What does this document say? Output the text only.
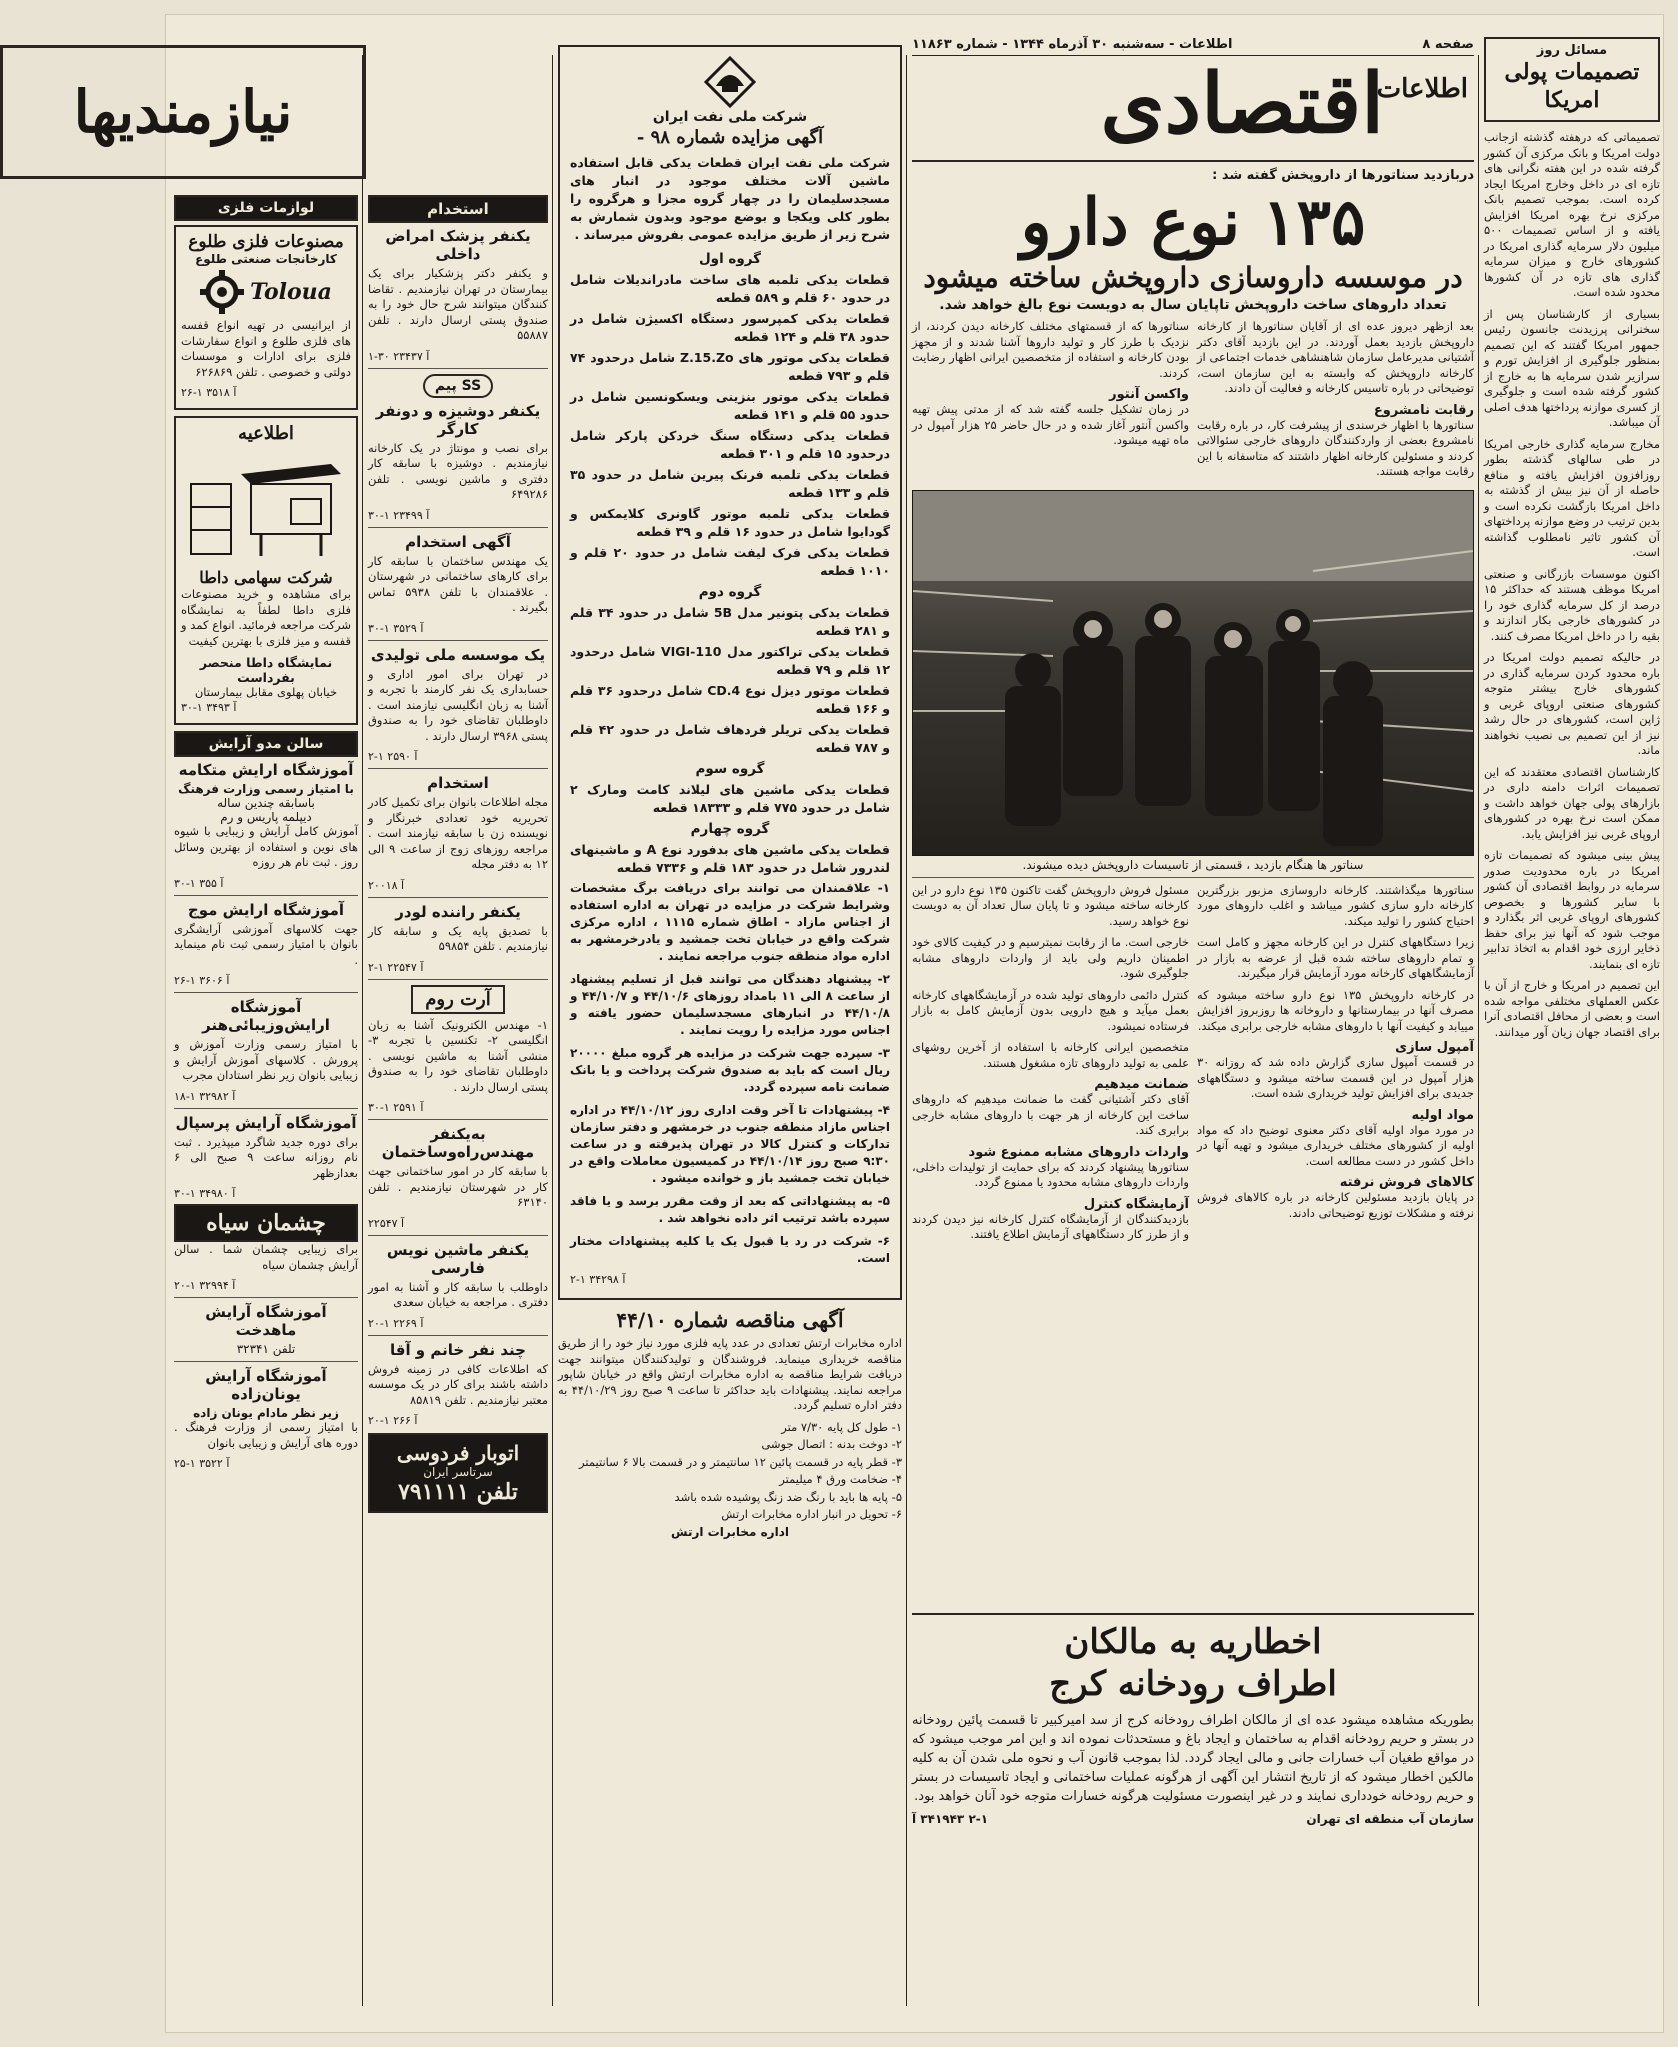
مسائل روز
تصمیمات پولی امریکا

تصمیماتی که درهفته گذشته ازجانب دولت امریکا و بانک مرکزی آن کشور گرفته شده در این هفته نگرانی های تازه ای در داخل وخارج امریکا ایجاد کرده است. بموجب تصمیم بانک مرکزی نرخ بهره امریکا افزایش یافته و از اساس تصمیمات ۵۰۰ میلیون دلار سرمایه گذاری امریکا در کشورهای خارج و میزان سرمایه گذاری های تازه در آن کشورها محدود شده است.

بسیاری از کارشناسان پس از سخنرانی پرزیدنت جانسون رئیس جمهور امریکا گفتند که این تصمیم بمنظور جلوگیری از افزایش تورم و سرازیر شدن سرمایه ها به خارج از کشور گرفته شده است و جلوگیری از کسری موازنه پرداختها هدف اصلی آن میباشد.

مخارج سرمایه گذاری خارجی امریکا در طی سالهای گذشته بطور روزافزون افزایش یافته و منافع حاصله از آن نیز بیش از گذشته به داخل امریکا بازگشت نکرده است و بدین ترتیب در وضع موازنه پرداختهای آن کشور تاثیر نامطلوب گذاشته است.

اکنون موسسات بازرگانی و صنعتی امریکا موظف هستند که حداکثر ۱۵ درصد از کل سرمایه گذاری خود را در کشورهای خارجی بکار اندازند و بقیه را در داخل امریکا مصرف کنند.

در حالیکه تصمیم دولت امریکا در باره محدود کردن سرمایه گذاری در کشورهای خارج بیشتر متوجه کشورهای صنعتی اروپای غربی و ژاپن است، کشورهای در حال رشد نیز از این تصمیم بی نصیب نخواهند ماند.

کارشناسان اقتصادی معتقدند که این تصمیمات اثرات دامنه داری در بازارهای پولی جهان خواهد داشت و ممکن است نرخ بهره در کشورهای اروپای غربی نیز افزایش یابد.

پیش بینی میشود که تصمیمات تازه امریکا در باره محدودیت صدور سرمایه در روابط اقتصادی آن کشور با سایر کشورها و بخصوص کشورهای اروپای غربی اثر بگذارد و موجب شود که آنها نیز برای حفظ ذخایر ارزی خود اقدام به اتخاذ تدابیر تازه ای بنمایند.

این تصمیم در امریکا و خارج از آن با عکس العملهای مختلفی مواجه شده است و بعضی از محافل اقتصادی آنرا برای اقتصاد جهان زیان آور میدانند.

صفحه ۸
اطلاعات - سه‌شنبه ۳۰ آذرماه ۱۳۴۴ - شماره ۱۱۸۶۳
اطلاعات
اقتصادی
دربازدید سناتورها از داروپخش گفته شد :
۱۳۵ نوع دارو
در موسسه داروسازی داروپخش ساخته میشود
تعداد داروهای ساخت داروپخش تاپایان سال به دویست نوع بالغ خواهد شد.

بعد ازظهر دیروز عده ای از آقایان سناتورها از کارخانه داروپخش بازدید بعمل آوردند. در این بازدید آقای دکتر آشتیانی مدیرعامل سازمان شاهنشاهی خدمات اجتماعی از کارخانه داروپخش که وابسته به این سازمان است، توضیحاتی در باره تاسیس کارخانه و فعالیت آن دادند.

رقابت نامشروع

سناتورها با اظهار خرسندی از پیشرفت کار، در باره رقابت نامشروع بعضی از واردکنندگان داروهای خارجی سئوالاتی کردند و مسئولین کارخانه اظهار داشتند که متاسفانه با این رقابت مواجه هستند.

سناتورها که از قسمتهای مختلف کارخانه دیدن کردند، از نزدیک با طرز کار و تولید داروها آشنا شدند و از مجهز بودن کارخانه و استفاده از متخصصین ایرانی اظهار رضایت کردند.

واکسن آنتور

در زمان تشکیل جلسه گفته شد که از مدتی پیش تهیه واکسن آنتور آغاز شده و در حال حاضر ۲۵ هزار آمپول در ماه تهیه میشود.

سناتور ها هنگام بازدید ، قسمتی از تاسیسات داروپخش دیده میشوند.

سناتورها میگذاشتند. کارخانه داروسازی مزبور بزرگترین کارخانه دارو سازی کشور میباشد و اغلب داروهای مورد احتیاج کشور را تولید میکند.

زیرا دستگاههای کنترل در این کارخانه مجهز و کامل است و تمام داروهای ساخته شده قبل از عرضه به بازار در آزمایشگاههای کارخانه مورد آزمایش قرار میگیرند.

در کارخانه داروپخش ۱۳۵ نوع دارو ساخته میشود که مصرف آنها در بیمارستانها و داروخانه ها روزبروز افزایش مییابد و کیفیت آنها با داروهای مشابه خارجی برابری میکند.

آمپول سازی

در قسمت آمپول سازی گزارش داده شد که روزانه ۳۰ هزار آمپول در این قسمت ساخته میشود و دستگاههای جدیدی برای افزایش تولید خریداری شده است.

مواد اولیه

در مورد مواد اولیه آقای دکتر معنوی توضیح داد که مواد اولیه از کشورهای مختلف خریداری میشود و تهیه آنها در داخل کشور در دست مطالعه است.

کالاهای فروش نرفته

در پایان بازدید مسئولین کارخانه در باره کالاهای فروش نرفته و مشکلات توزیع توضیحاتی دادند.

مسئول فروش داروپخش گفت تاکنون ۱۳۵ نوع دارو در این کارخانه ساخته میشود و تا پایان سال تعداد آن به دویست نوع خواهد رسید.

خارجی است. ما از رقابت نمیترسیم و در کیفیت کالای خود اطمینان داریم ولی باید از واردات داروهای مشابه جلوگیری شود.

کنترل دائمی داروهای تولید شده در آزمایشگاههای کارخانه بعمل میآید و هیچ دارویی بدون آزمایش کامل به بازار فرستاده نمیشود.

متخصصین ایرانی کارخانه با استفاده از آخرین روشهای علمی به تولید داروهای تازه مشغول هستند.

ضمانت میدهیم

آقای دکتر آشتیانی گفت ما ضمانت میدهیم که داروهای ساخت این کارخانه از هر جهت با داروهای مشابه خارجی برابری کند.

واردات داروهای مشابه ممنوع شود

سناتورها پیشنهاد کردند که برای حمایت از تولیدات داخلی، واردات داروهای مشابه محدود یا ممنوع گردد.

آزمایشگاه کنترل

بازدیدکنندگان از آزمایشگاه کنترل کارخانه نیز دیدن کردند و از طرز کار دستگاههای آزمایش اطلاع یافتند.

اخطاریه به مالکان
اطراف رودخانه کرج

بطوریکه مشاهده میشود عده ای از مالکان اطراف رودخانه کرج از سد امیرکبیر تا قسمت پائین رودخانه در بستر و حریم رودخانه اقدام به ساختمان و ایجاد باغ و مستحدثات نموده اند و این امر موجب میشود که در مواقع طغیان آب خسارات جانی و مالی ایجاد گردد. لذا بموجب قانون آب و نحوه ملی شدن آن به کلیه مالکین اخطار میشود که از تاریخ انتشار این آگهی از هرگونه عملیات ساختمانی و ایجاد تاسیسات در بستر و حریم رودخانه خودداری نمایند و در غیر اینصورت مسئولیت هرگونه خسارات متوجه خود آنان خواهد بود.

سازمان آب منطقه ای تهران
۲-۱ ۳۴۱۹۴۳ آ
شرکت ملی نفت ایران
آگهی مزایده شماره ۹۸ -

شرکت ملی نفت ایران قطعات یدکی قابل استفاده ماشین آلات مختلف موجود در انبار های مسجدسلیمان را در چهار گروه مجزا و هرگروه را بطور کلی ویکجا و بوضع موجود وبدون شمارش به شرح زیر از طریق مزایده عمومی بفروش میرساند .

گروه اول
قطعات یدکی تلمبه های ساخت مادراندیلات شامل در حدود ۶۰ قلم و ۵۸۹ قطعه
قطعات یدکی کمپرسور دستگاه اکسیژن شامل در حدود ۳۸ قلم و ۱۲۴ قطعه
قطعات یدکی موتور های Z.15.Zo شامل درحدود ۷۴ قلم و ۷۹۳ قطعه
قطعات یدکی موتور بنزینی ویسکونسین شامل در حدود ۵۵ قلم و ۱۴۱ قطعه
قطعات یدکی دستگاه سنگ خردکن پارکر شامل درحدود ۱۵ قلم و ۳۰۱ قطعه
قطعات یدکی تلمبه فرنک پیرین شامل در حدود ۳۵ قلم و ۱۳۳ قطعه
قطعات یدکی تلمبه موتور گاونری کلایمکس و گودایوا شامل در حدود ۱۶ قلم و ۳۹ قطعه
قطعات یدکی فرک لیفت شامل در حدود ۲۰ قلم و ۱۰۱۰ قطعه
گروه دوم
قطعات یدکی پتونیر مدل 5B شامل در حدود ۳۴ قلم و ۲۸۱ قطعه
قطعات یدکی تراکتور مدل VIGI-110 شامل درحدود ۱۲ قلم و ۷۹ قطعه
قطعات موتور دیزل نوع CD.4 شامل درحدود ۳۶ قلم و ۱۶۶ قطعه
قطعات یدکی تریلر فردهاف شامل در حدود ۴۲ قلم و ۷۸۷ قطعه
گروه سوم
قطعات یدکی ماشین های لیلاند کامت ومارک ۲ شامل در حدود ۷۷۵ قلم و ۱۸۳۳۳ قطعه
گروه چهارم
قطعات یدکی ماشین های بدفورد نوع A و ماشینهای لندرور شامل در حدود ۱۸۳ قلم و ۷۳۳۶ قطعه

۱- علاقمندان می توانند برای دریافت برگ مشخصات وشرایط شرکت در مزایده در تهران به اداره استفاده از اجناس مازاد - اطاق شماره ۱۱۱۵ ، اداره مرکزی شرکت واقع در خیابان تخت جمشید و یادرخرمشهر به اداره مواد منطقه جنوب مراجعه نمایند .

۲- پیشنهاد دهندگان می توانند قبل از تسلیم پیشنهاد از ساعت ۸ الی ۱۱ بامداد روزهای ۴۴/۱۰/۶ و ۴۴/۱۰/۷ و ۴۴/۱۰/۸ در انبارهای مسجدسلیمان حضور یافته و اجناس مورد مزایده را رویت نمایند .

۳- سپرده جهت شرکت در مزایده هر گروه مبلغ ۲۰۰۰۰ ریال است که باید به صندوق شرکت پرداخت و یا بانک ضمانت نامه سپرده گردد.

۴- پیشنهادات تا آخر وقت اداری روز ۴۴/۱۰/۱۲ در اداره اجناس مازاد منطقه جنوب در خرمشهر و دفتر سازمان تدارکات و کنترل کالا در تهران پذیرفته و در ساعت ۹:۳۰ صبح روز ۴۴/۱۰/۱۴ در کمیسیون معاملات واقع در خیابان تخت جمشید باز و خوانده میشود .

۵- به پیشنهاداتی که بعد از وقت مقرر برسد و یا فاقد سپرده باشد ترتیب اثر داده نخواهد شد .

۶- شرکت در رد یا قبول یک یا کلیه پیشنهادات مختار است.

۲-۱ ۳۴۲۹۸ آ
آگهی مناقصه شماره ۴۴/۱۰

اداره مخابرات ارتش تعدادی در عدد پایه فلزی مورد نیاز خود را از طریق مناقصه خریداری مینماید. فروشندگان و تولیدکنندگان میتوانند جهت دریافت شرایط مناقصه به اداره مخابرات ارتش واقع در خیابان شاپور مراجعه نمایند. پیشنهادات باید حداکثر تا ساعت ۹ صبح روز ۴۴/۱۰/۲۹ به دفتر اداره تسلیم گردد.

۱- طول کل پایه ۷/۳۰ متر
۲- دوخت بدنه : اتصال جوشی
۳- قطر پایه در قسمت پائین ۱۲ سانتیمتر و در قسمت بالا ۶ سانتیمتر
۴- ضخامت ورق ۴ میلیمتر
۵- پایه ها باید با رنگ ضد زنگ پوشیده شده باشد
۶- تحویل در انبار اداره مخابرات ارتش
اداره مخابرات ارتش
استخدام
یکنفر پزشک امراض داخلی

و یکنفر دکتر پزشکیار برای یک بیمارستان در تهران نیازمندیم . تقاضا کنندگان میتوانند شرح حال خود را به صندوق پستی ارسال دارند . تلفن ۵۵۸۸۷

۱-۳۰ ۲۳۴۳۷ آ
SS پیم
یکنفر دوشیزه و دونفر کارگر

برای نصب و مونتاژ در یک کارخانه نیازمندیم . دوشیزه با سابقه کار دفتری و ماشین نویسی . تلفن ۶۴۹۲۸۶

۳۰-۱ ۲۳۴۹۹ آ
آگهی استخدام

یک مهندس ساختمان با سابقه کار برای کارهای ساختمانی در شهرستان . علاقمندان با تلفن ۵۹۳۸ تماس بگیرند .

۳۰-۱ ۳۵۲۹ آ
یک موسسه ملی تولیدی

در تهران برای امور اداری و حسابداری یک نفر کارمند با تجربه و آشنا به زبان انگلیسی نیازمند است . داوطلبان تقاضای خود را به صندوق پستی ۳۹۶۸ ارسال دارند .

۲-۱ ۲۵۹۰ آ
استخدام

مجله اطلاعات بانوان برای تکمیل کادر تحریریه خود تعدادی خبرنگار و نویسنده زن با سابقه نیازمند است . مراجعه روزهای زوج از ساعت ۹ الی ۱۲ به دفتر مجله

۲۰۰۱۸ آ
یکنفر راننده لودر

با تصدیق پایه یک و سابقه کار نیازمندیم . تلفن ۵۹۸۵۴

۲-۱ ۲۲۵۴۷ آ
آرت روم

۱- مهندس الکترونیک آشنا به زبان انگلیسی ۲- تکنسین با تجربه ۳- منشی آشنا به ماشین نویسی . داوطلبان تقاضای خود را به صندوق پستی ارسال دارند .

۳۰-۱ ۲۵۹۱ آ
به‌یکنفر مهندس‌راه‌وساختمان

با سابقه کار در امور ساختمانی جهت کار در شهرستان نیازمندیم . تلفن ۶۳۱۴۰

۲۲۵۴۷ آ
یکنفر ماشین نویس فارسی

داوطلب با سابقه کار و آشنا به امور دفتری . مراجعه به خیابان سعدی

۲۰-۱ ۲۲۶۹ آ
چند نفر خانم و آقا

که اطلاعات کافی در زمینه فروش داشته باشند برای کار در یک موسسه معتبر نیازمندیم . تلفن ۸۵۸۱۹

۲۰-۱ ۲۶۶ آ
اتوبار فردوسی
سرتاسر ایران
تلفن ۷۹۱۱۱۱
نیازمندیها
لوازمات فلزی
مصنوعات فلزی طلوع
کارخانجات صنعتی طلوع
Toloua

از ایرانیسی در تهیه انواع قفسه های فلزی طلوع و انواع سفارشات فلزی برای ادارات و موسسات دولتی و خصوصی . تلفن ۶۲۶۸۶۹

۲۶-۱ ۳۵۱۸ آ
اطلاعیه
شرکت سهامی داطا

برای مشاهده و خرید مصنوعات فلزی داطا لطفاً به نمایشگاه شرکت مراجعه فرمائید. انواع کمد و قفسه و میز فلزی با بهترین کیفیت

نمایشگاه داطا منحصر بفرداست
خیابان پهلوی مقابل بیمارستان
۳۰-۱ ۳۴۹۳ آ
سالن مدو آرایش
آموزشگاه ارایش متکامه
با امتیاز رسمی وزارت فرهنگ
باسابقه چندین ساله
دیپلمه پاریس و رم

آموزش کامل آرایش و زیبایی با شیوه های نوین و استفاده از بهترین وسائل روز . ثبت نام هر روزه

۳۰-۱ ۳۵۵ آ
آموزشگاه ارایش موج

جهت کلاسهای آموزشی آرایشگری بانوان با امتیاز رسمی ثبت نام مینماید .

۲۶-۱ ۳۶۰۶ آ
آموزشگاه ارایش‌وزیبائی‌هنر

با امتیاز رسمی وزارت آموزش و پرورش . کلاسهای آموزش آرایش و زیبایی بانوان زیر نظر استادان مجرب

۱۸-۱ ۳۲۹۸۲ آ
آموزشگاه آرایش پرسپال

برای دوره جدید شاگرد میپذیرد . ثبت نام روزانه ساعت ۹ صبح الی ۶ بعدازظهر

۳۰-۱ ۳۴۹۸۰ آ
چشمان سیاه

برای زیبایی چشمان شما . سالن آرایش چشمان سیاه

۲۰-۱ ۳۲۹۹۴ آ
آموزشگاه آرایش ماهدخت
تلفن ۳۲۳۴۱
آموزشگاه آرایش یونان‌زاده
زیر نظر مادام یونان زاده

با امتیاز رسمی از وزارت فرهنگ . دوره های آرایش و زیبایی بانوان

۲۵-۱ ۳۵۲۲ آ
